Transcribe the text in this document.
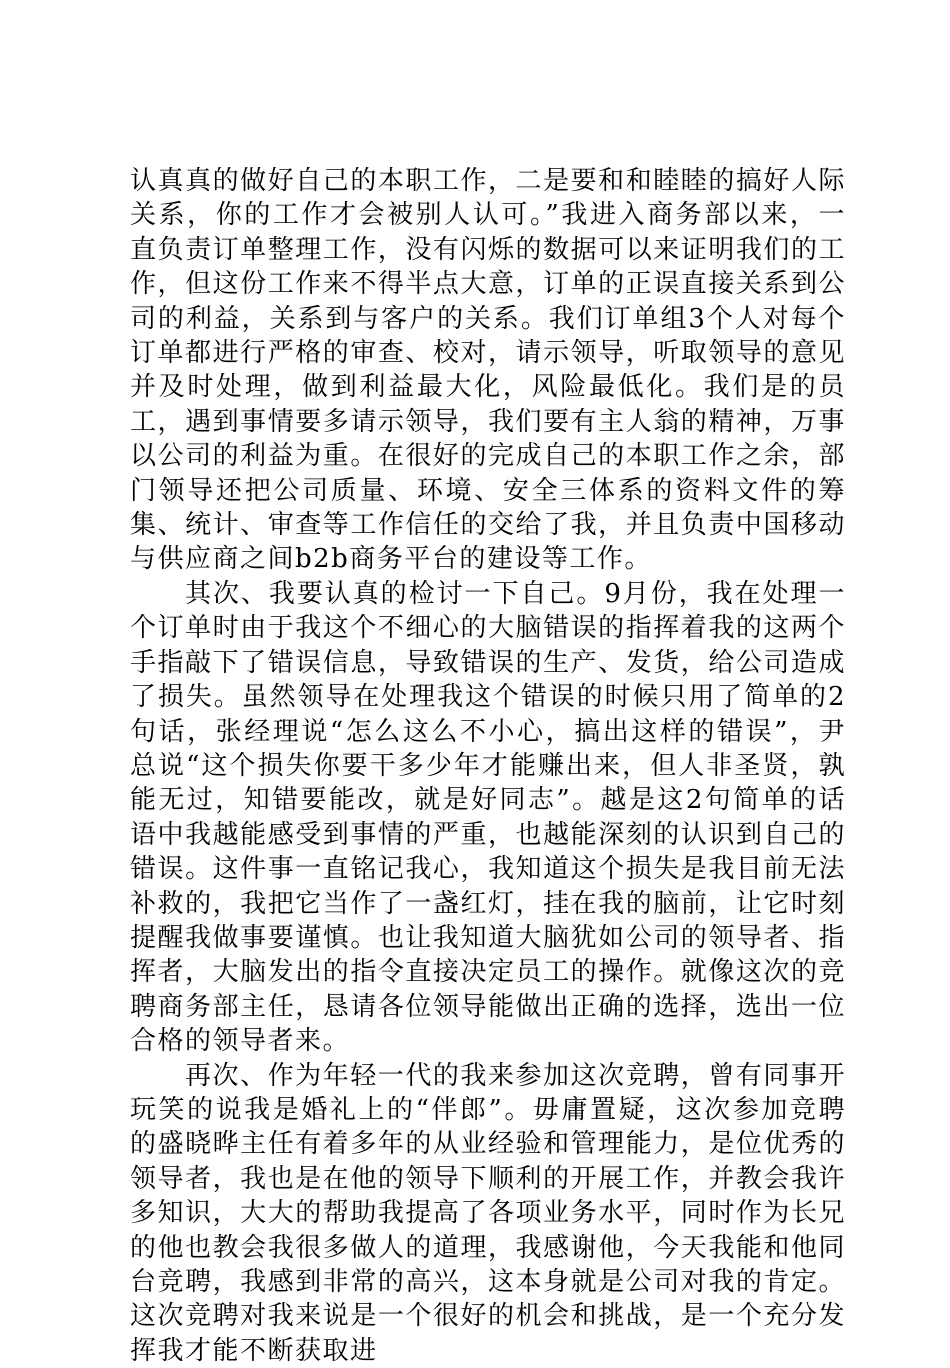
认真真的做好自己的本职工作，二是要和和睦睦的搞好人际关系，你的工作才会被别人认可。”我进入商务部以来，一直负责订单整理工作，没有闪烁的数据可以来证明我们的工作，但这份工作来不得半点大意，订单的正误直接关系到公司的利益，关系到与客户的关系。我们订单组3个人对每个订单都进行严格的审查、校对，请示领导，听取领导的意见并及时处理，做到利益最大化，风险最低化。我们是的员工，遇到事情要多请示领导，我们要有主人翁的精神，万事以公司的利益为重。在很好的完成自己的本职工作之余，部门领导还把公司质量、环境、安全三体系的资料文件的筹集、统计、审查等工作信任的交给了我，并且负责中国移动与供应商之间b2b商务平台的建设等工作。

其次、我要认真的检讨一下自己。9月份，我在处理一个订单时由于我这个不细心的大脑错误的指挥着我的这两个手指敲下了错误信息，导致错误的生产、发货，给公司造成了损失。虽然领导在处理我这个错误的时候只用了简单的2句话，张经理说“怎么这么不小心，搞出这样的错误”，尹总说“这个损失你要干多少年才能赚出来，但人非圣贤，孰能无过，知错要能改，就是好同志”。越是这2句简单的话语中我越能感受到事情的严重，也越能深刻的认识到自己的错误。这件事一直铭记我心，我知道这个损失是我目前无法补救的，我把它当作了一盏红灯，挂在我的脑前，让它时刻提醒我做事要谨慎。也让我知道大脑犹如公司的领导者、指挥者，大脑发出的指令直接决定员工的操作。就像这次的竞聘商务部主任，恳请各位领导能做出正确的选择，选出一位合格的领导者来。

再次、作为年轻一代的我来参加这次竞聘，曾有同事开玩笑的说我是婚礼上的“伴郎”。毋庸置疑，这次参加竞聘的盛晓晔主任有着多年的从业经验和管理能力，是位优秀的领导者，我也是在他的领导下顺利的开展工作，并教会我许多知识，大大的帮助我提高了各项业务水平，同时作为长兄的他也教会我很多做人的道理，我感谢他，今天我能和他同台竞聘，我感到非常的高兴，这本身就是公司对我的肯定。这次竞聘对我来说是一个很好的机会和挑战，是一个充分发挥我才能不断获取进
